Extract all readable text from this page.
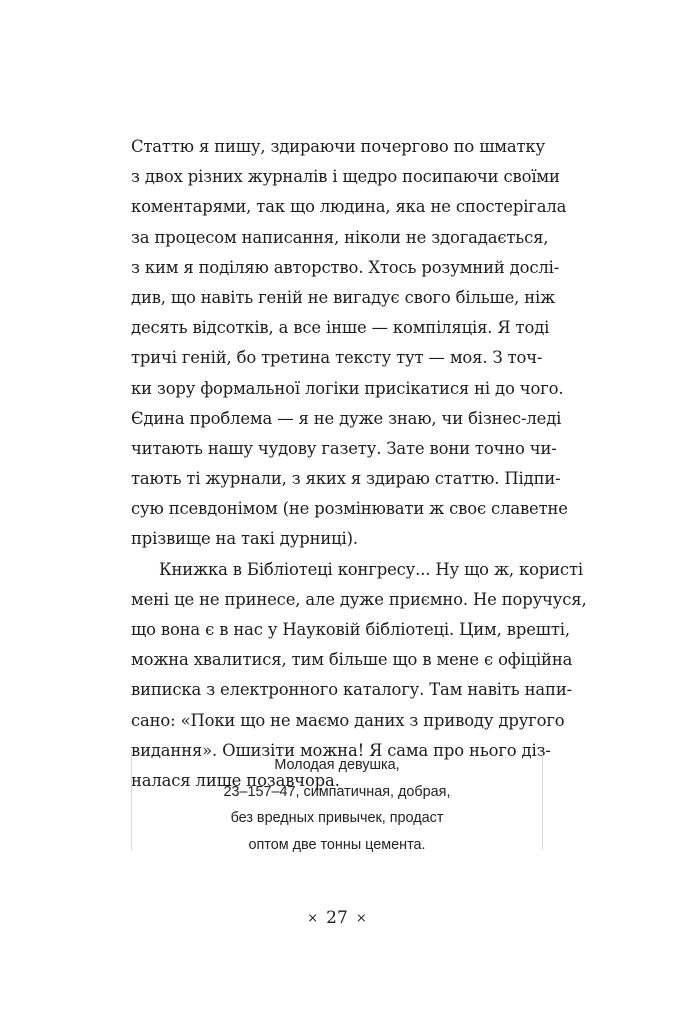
Статтю я пишу, здираючи почергово по шматку
з двох різних журналів і щедро посипаючи своїми
коментарями, так що людина, яка не спостерігала
за процесом написання, ніколи не здогадається,
з ким я поділяю авторство. Хтось розумний дослі-
див, що навіть геній не вигадує свого більше, ніж
десять відсотків, а все інше — компіляція. Я тоді
тричі геній, бо третина тексту тут — моя. З точ-
ки зору формальної логіки присікатися ні до чого.
Єдина проблема — я не дуже знаю, чи бізнес-леді
читають нашу чудову газету. Зате вони точно чи-
тають ті журнали, з яких я здираю статтю. Підпи-
сую псевдонімом (не розмінювати ж своє славетне
прізвище на такі дурниці).
Книжка в Бібліотеці конгресу... Ну що ж, користі
мені це не принесе, але дуже приємно. Не поручуся,
що вона є в нас у Науковій бібліотеці. Цим, врешті,
можна хвалитися, тим більше що в мене є офіційна
виписка з електронного каталогу. Там навіть напи-
сано: «Поки що не маємо даних з приводу другого
видання». Ошизіти можна! Я сама про нього діз-
налася лише позавчора.
Молодая девушка,
23–157–47, симпатичная, добрая,
без вредных привычек, продаст
оптом две тонны цемента.
× 27 ×
